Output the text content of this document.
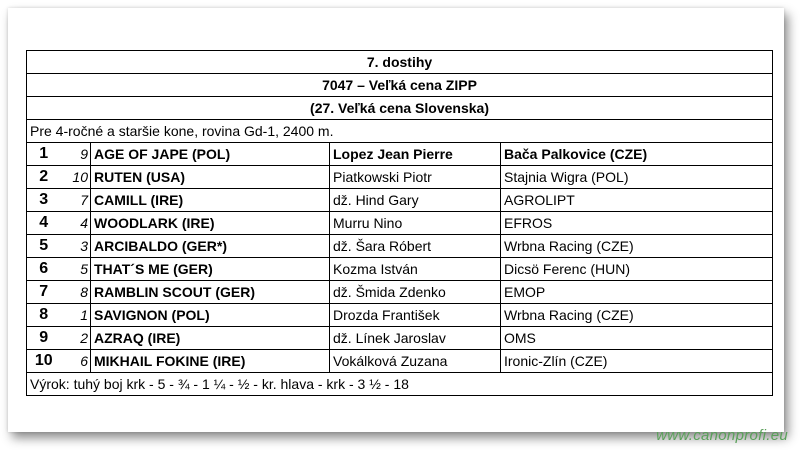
7. dostihy				
7047 – Veľká cena ZIPP				
(27. Veľká cena Slovenska)				
Pre 4-ročné a staršie kone, rovina Gd-1, 2400 m.				
1	9	AGE OF JAPE (POL)	Lopez Jean Pierre	Bača Palkovice (CZE)
2	10	RUTEN (USA)	Piatkowski Piotr	Stajnia Wigra (POL)
3	7	CAMILL (IRE)	dž. Hind Gary	AGROLIPT
4	4	WOODLARK (IRE)	Murru Nino	EFROS
5	3	ARCIBALDO (GER*)	dž. Šara Róbert	Wrbna Racing (CZE)
6	5	THAT´S ME (GER)	Kozma István	Dicsö Ferenc (HUN)
7	8	RAMBLIN SCOUT (GER)	dž. Šmida Zdenko	EMOP
8	1	SAVIGNON (POL)	Drozda František	Wrbna Racing (CZE)
9	2	AZRAQ (IRE)	dž. Línek Jaroslav	OMS
10	6	MIKHAIL FOKINE (IRE)	Vokálková Zuzana	Ironic-Zlín (CZE)
Výrok: tuhý boj krk - 5 - ¾ - 1 ¼ - ½ - kr. hlava - krk - 3 ½ - 18				
www.canonprofi.eu
